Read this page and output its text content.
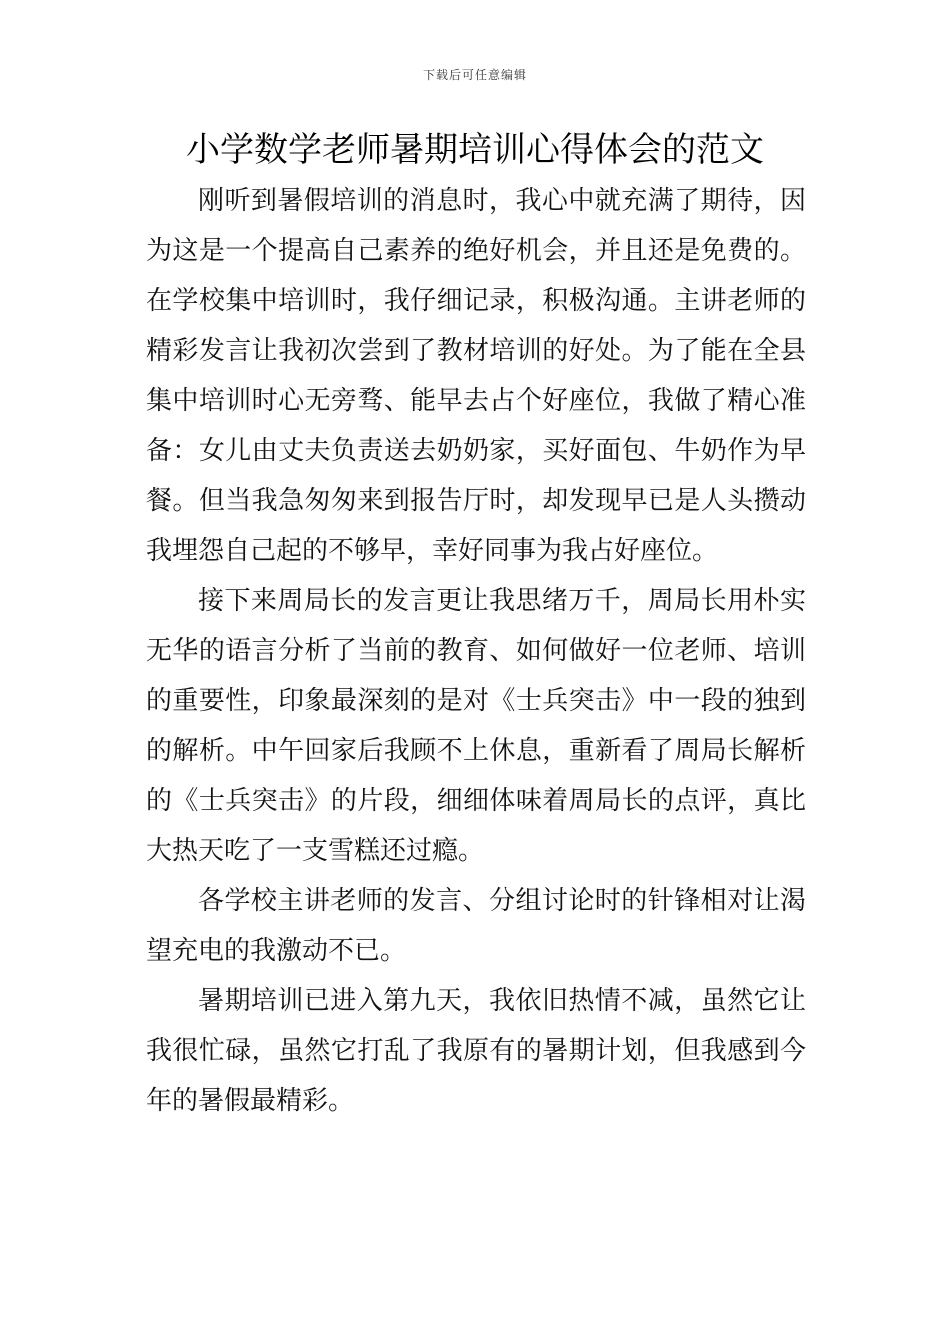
下载后可任意编辑
小学数学老师暑期培训心得体会的范文

刚听到暑假培训的消息时，我心中就充满了期待，因为这是一个提高自己素养的绝好机会，并且还是免费的。在学校集中培训时，我仔细记录，积极沟通。主讲老师的精彩发言让我初次尝到了教材培训的好处。为了能在全县集中培训时心无旁骛、能早去占个好座位，我做了精心准备：女儿由丈夫负责送去奶奶家，买好面包、牛奶作为早餐。但当我急匆匆来到报告厅时，却发现早已是人头攒动我埋怨自己起的不够早，幸好同事为我占好座位。

接下来周局长的发言更让我思绪万千，周局长用朴实无华的语言分析了当前的教育、如何做好一位老师、培训的重要性，印象最深刻的是对《士兵突击》中一段的独到的解析。中午回家后我顾不上休息，重新看了周局长解析的《士兵突击》的片段，细细体味着周局长的点评，真比大热天吃了一支雪糕还过瘾。

各学校主讲老师的发言、分组讨论时的针锋相对让渴望充电的我激动不已。

暑期培训已进入第九天，我依旧热情不减，虽然它让我很忙碌，虽然它打乱了我原有的暑期计划，但我感到今年的暑假最精彩。
